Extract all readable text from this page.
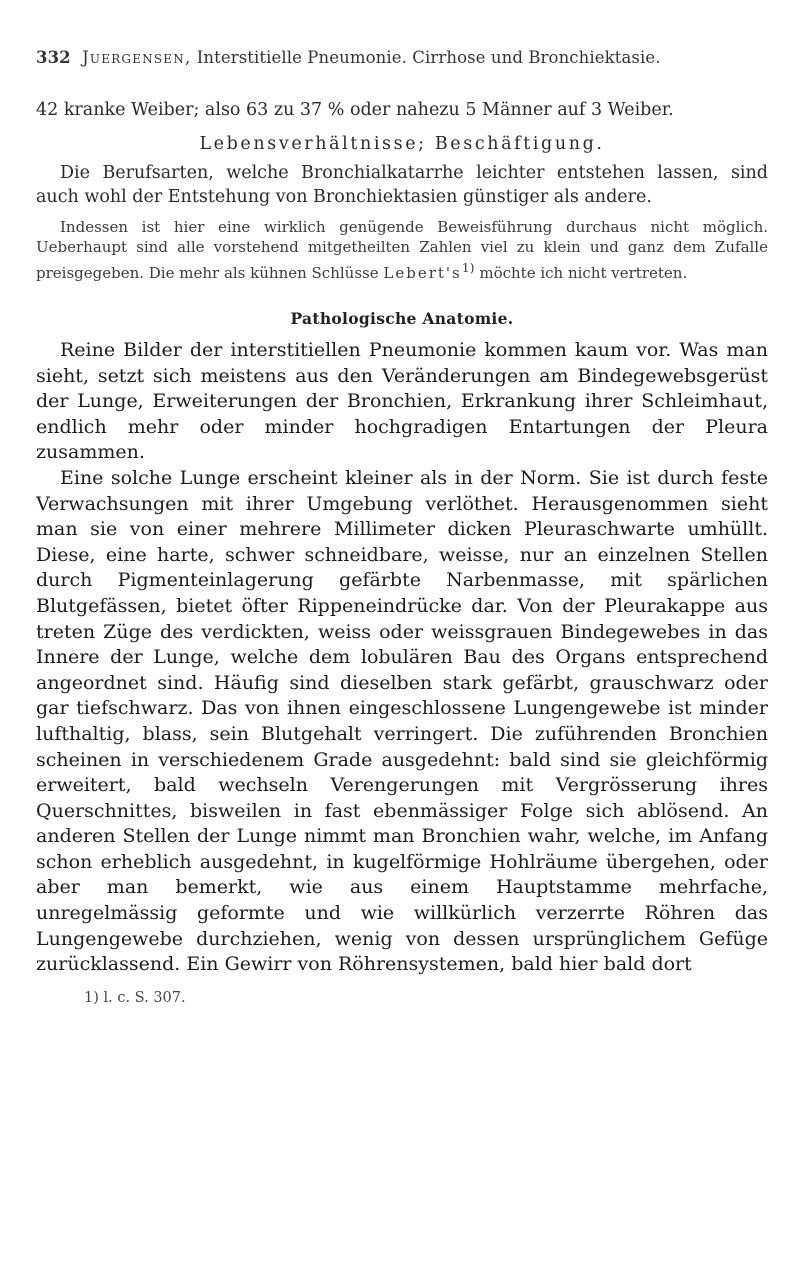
332 Juergensen, Interstitielle Pneumonie. Cirrhose und Bronchiektasie.

42 kranke Weiber; also 63 zu 37 % oder nahezu 5 Männer auf 3 Weiber.

Lebensverhältnisse; Beschäftigung.

Die Berufsarten, welche Bronchialkatarrhe leichter entstehen lassen, sind auch wohl der Entstehung von Bronchiektasien günstiger als andere.

Indessen ist hier eine wirklich genügende Beweisführung durchaus nicht möglich. Ueberhaupt sind alle vorstehend mitgetheilten Zahlen viel zu klein und ganz dem Zufalle preisgegeben. Die mehr als kühnen Schlüsse $Lebert's^{1)}$ möchte ich nicht vertreten.

Pathologische Anatomie.

Reine Bilder der interstitiellen Pneumonie kommen kaum vor. Was man sieht, setzt sich meistens aus den Veränderungen am Bindegewebsgerüst der Lunge, Erweiterungen der Bronchien, Erkrankung ihrer Schleimhaut, endlich mehr oder minder hochgradigen Entartungen der Pleura zusammen.

Eine solche Lunge erscheint kleiner als in der Norm. Sie ist durch feste Verwachsungen mit ihrer Umgebung verlöthet. Herausgenommen sieht man sie von einer mehrere Millimeter dicken Pleuraschwarte umhüllt. Diese, eine harte, schwer schneidbare, weisse, nur an einzelnen Stellen durch Pigmenteinlagerung gefärbte Narbenmasse, mit spärlichen Blutgefässen, bietet öfter Rippeneindrücke dar. Von der Pleurakappe aus treten Züge des verdickten, weiss oder weissgrauen Bindegewebes in das Innere der Lunge, welche dem lobulären Bau des Organs entsprechend angeordnet sind. Häufig sind dieselben stark gefärbt, grauschwarz oder gar tiefschwarz. Das von ihnen eingeschlossene Lungengewebe ist minder lufthaltig, blass, sein Blutgehalt verringert. Die zuführenden Bronchien scheinen in verschiedenem Grade ausgedehnt: bald sind sie gleichförmig erweitert, bald wechseln Verengerungen mit Vergrösserung ihres Querschnittes, bisweilen in fast ebenmässiger Folge sich ablösend. An anderen Stellen der Lunge nimmt man Bronchien wahr, welche, im Anfang schon erheblich ausgedehnt, in kugelförmige Hohlräume übergehen, oder aber man bemerkt, wie aus einem Hauptstamme mehrfache, unregelmässig geformte und wie willkürlich verzerrte Röhren das Lungengewebe durchziehen, wenig von dessen ursprünglichem Gefüge zurücklassend. Ein Gewirr von Röhrensystemen, bald hier bald dort

1) l. c. S. 307.
